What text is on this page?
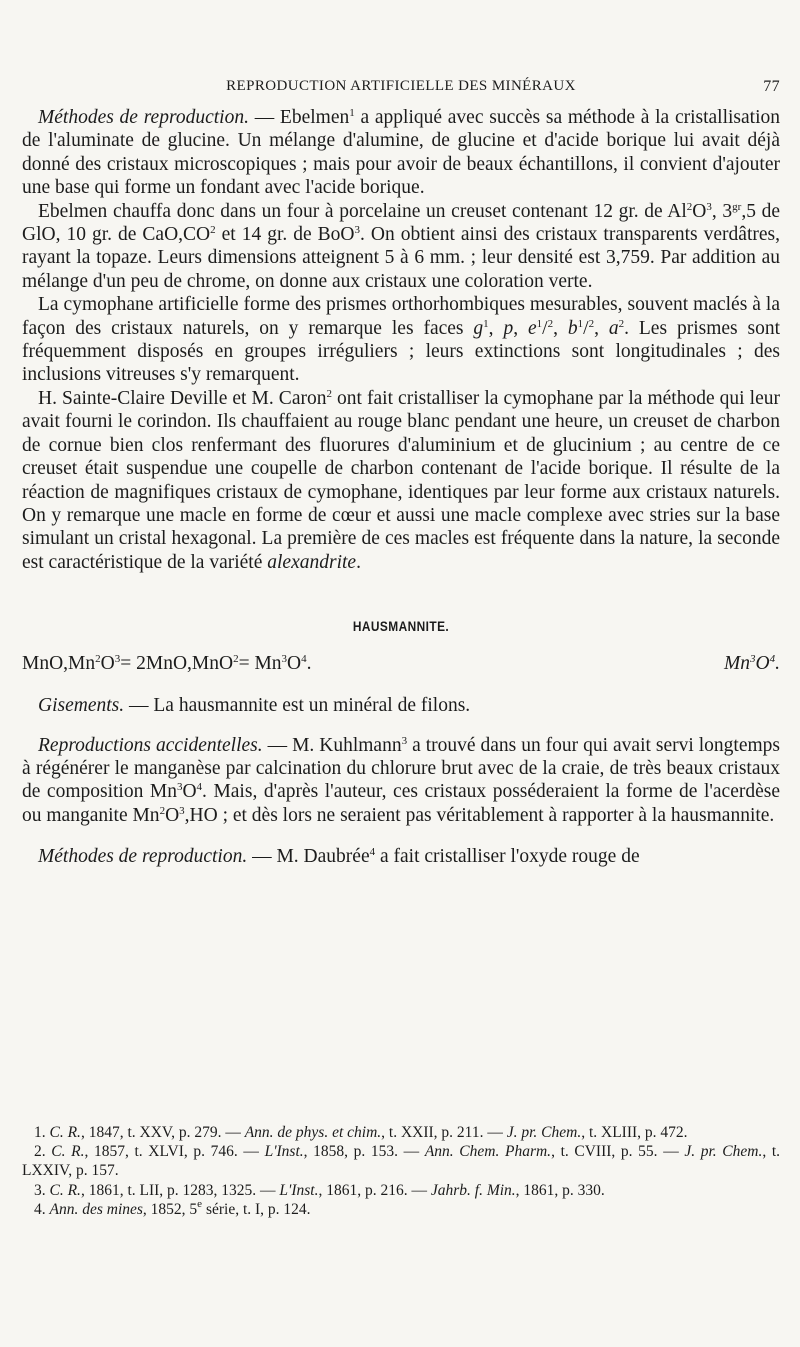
REPRODUCTION ARTIFICIELLE DES MINÉRAUX	77

Méthodes de reproduction. — Ebelmen$^1$ a appliqué avec succès sa méthode à la cristallisation de l'aluminate de glucine. Un mélange d'alumine, de glucine et d'acide borique lui avait déjà donné des cristaux microscopiques ; mais pour avoir de beaux échantillons, il convient d'ajouter une base qui forme un fondant avec l'acide borique.

Ebelmen chauffa donc dans un four à porcelaine un creuset contenant 12 gr. de $Al^2O^3$, $3^{gr},5$ de GlO, 10 gr. de $CaO,CO^2$ et 14 gr. de BoO$^3$. On obtient ainsi des cristaux transparents verdâtres, rayant la topaze. Leurs dimensions atteignent 5 à 6 mm. ; leur densité est 3,759. Par addition au mélange d'un peu de chrome, on donne aux cristaux une coloration verte.

La cymophane artificielle forme des prismes orthorhombiques mesurables, souvent maclés à la façon des cristaux naturels, on y remarque les faces $g^1$, p, $e^1/^2$, $b^1/^2$, $a^2$. Les prismes sont fréquemment disposés en groupes irréguliers ; leurs extinctions sont longitudinales ; des inclusions vitreuses s'y remarquent.

H. Sainte-Claire Deville et M. Caron$^2$ ont fait cristalliser la cymophane par la méthode qui leur avait fourni le corindon. Ils chauffaient au rouge blanc pendant une heure, un creuset de charbon de cornue bien clos renfermant des fluorures d'aluminium et de glucinium ; au centre de ce creuset était suspendue une coupelle de charbon contenant de l'acide borique. Il résulte de la réaction de magnifiques cristaux de cymophane, identiques par leur forme aux cristaux naturels. On y remarque une macle en forme de cœur et aussi une macle complexe avec stries sur la base simulant un cristal hexagonal. La première de ces macles est fréquente dans la nature, la seconde est caractéristique de la variété alexandrite.

HAUSMANNITE.
$MnO,Mn^2O^3= 2MnO,MnO^2= Mn^3O^4$.	$Mn^3O^4$.

Gisements. — La hausmannite est un minéral de filons.

Reproductions accidentelles. — M. Kuhlmann$^3$ a trouvé dans un four qui avait servi longtemps à régénérer le manganèse par calcination du chlorure brut avec de la craie, de très beaux cristaux de composition $Mn^3O^4$. Mais, d'après l'auteur, ces cristaux posséderaient la forme de l'acerdèse ou manganite $Mn^2O^3,HO$ ; et dès lors ne seraient pas véritablement à rapporter à la hausmannite.

Méthodes de reproduction. — M. Daubrée$^4$ a fait cristalliser l'oxyde rouge de

1. C. R., 1847, t. XXV, p. 279. — Ann. de phys. et chim., t. XXII, p. 211. — J. pr. Chem., t. XLIII, p. 472.

2. C. R., 1857, t. XLVI, p. 746. — L'Inst., 1858, p. 153. — Ann. Chem. Pharm., t. CVIII, p. 55. — J. pr. Chem., t. LXXIV, p. 157.

3. C. R., 1861, t. LII, p. 1283, 1325. — L'Inst., 1861, p. 216. — Jahrb. f. Min., 1861, p. 330.

4. Ann. des mines, 1852, 5e série, t. I, p. 124.
